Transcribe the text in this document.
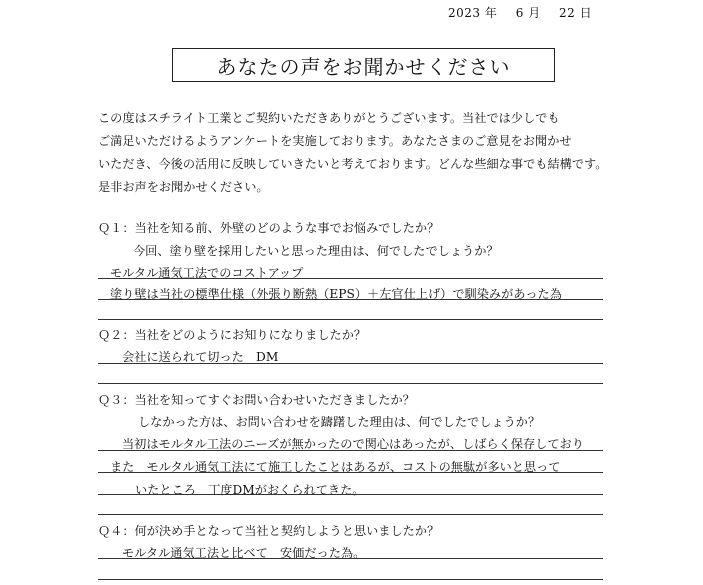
2023 年 6 月 22 日
あなたの声をお聞かせください
この度はスチライト工業とご契約いただきありがとうございます。当社では少しでも
ご満足いただけるようアンケートを実施しております。あなたさまのご意見をお聞かせ
いただき、今後の活用に反映していきたいと考えております。どんな些細な事でも結構です。
是非お声をお聞かせください。
Ｑ１：当社を知る前、外壁のどのような事でお悩みでしたか？
今回、塗り壁を採用したいと思った理由は、何でしたでしょうか？
モルタル通気工法でのコストアップ
塗り壁は当社の標準仕様（外張り断熱（EPS）＋左官仕上げ）で馴染みがあった為
Ｑ２：当社をどのようにお知りになりましたか？
会社に送られて切った　DM
Ｑ３：当社を知ってすぐお問い合わせいただきましたか？
しなかった方は、お問い合わせを躊躇した理由は、何でしたでしょうか？
当初はモルタル工法のニーズが無かったので関心はあったが、しばらく保存しており
また　モルタル通気工法にて施工したことはあるが、コストの無駄が多いと思って
いたところ　丁度DMがおくられてきた。
Ｑ４：何が決め手となって当社と契約しようと思いましたか？
モルタル通気工法と比べて　安価だった為。
